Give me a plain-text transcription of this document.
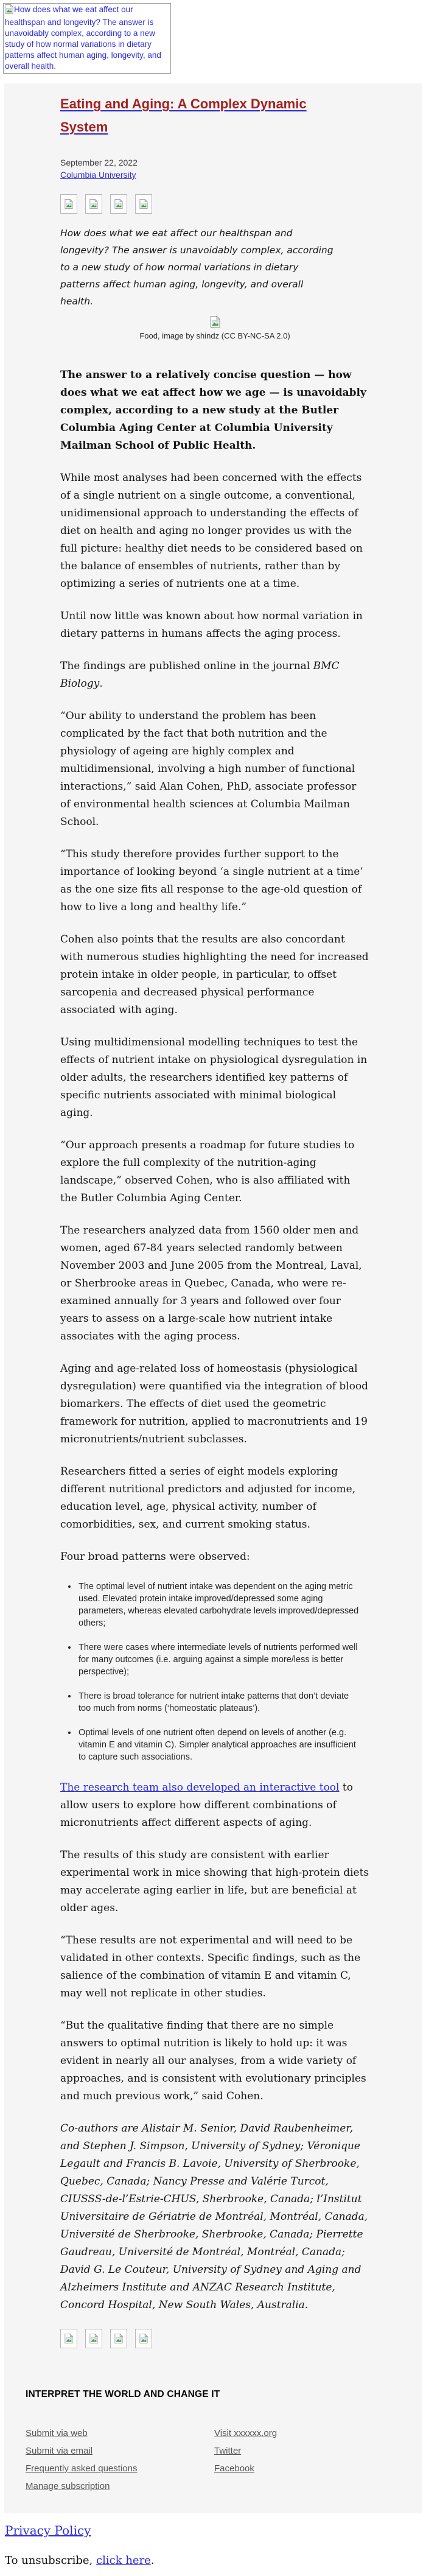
How does what we eat affect our healthspan and longevity? The answer is unavoidably complex, according to a new study of how normal variations in dietary patterns affect human aging, longevity, and overall health.
Eating and Aging: A Complex Dynamic System
September 22, 2022
Columbia University

How does what we eat affect our healthspan and longevity? The answer is unavoidably complex, according to a new study of how normal variations in dietary patterns affect human aging, longevity, and overall health.

Food, image by shindz (CC BY-NC-SA 2.0)

The answer to a relatively concise question — how does what we eat affect how we age — is unavoidably complex, according to a new study at the Butler Columbia Aging Center at Columbia University Mailman School of Public Health.

While most analyses had been concerned with the effects of a single nutrient on a single outcome, a conventional, unidimensional approach to understanding the effects of diet on health and aging no longer provides us with the full picture: healthy diet needs to be considered based on the balance of ensembles of nutrients, rather than by optimizing a series of nutrients one at a time.

Until now little was known about how normal variation in dietary patterns in humans affects the aging process.

The findings are published online in the journal BMC Biology.

“Our ability to understand the problem has been complicated by the fact that both nutrition and the physiology of ageing are highly complex and multidimensional, involving a high number of functional interactions,” said Alan Cohen, PhD, associate professor of environmental health sciences at Columbia Mailman School.

“This study therefore provides further support to the importance of looking beyond ‘a single nutrient at a time’ as the one size fits all response to the age-old question of how to live a long and healthy life.”

Cohen also points that the results are also concordant with numerous studies highlighting the need for increased protein intake in older people, in particular, to offset sarcopenia and decreased physical performance associated with aging.

Using multidimensional modelling techniques to test the effects of nutrient intake on physiological dysregulation in older adults, the researchers identified key patterns of specific nutrients associated with minimal biological aging.

“Our approach presents a roadmap for future studies to explore the full complexity of the nutrition-aging landscape,” observed Cohen, who is also affiliated with the Butler Columbia Aging Center.

The researchers analyzed data from 1560 older men and women, aged 67-84 years selected randomly between November 2003 and June 2005 from the Montreal, Laval, or Sherbrooke areas in Quebec, Canada, who were re-examined annually for 3 years and followed over four years to assess on a large-scale how nutrient intake associates with the aging process.

Aging and age-related loss of homeostasis (physiological dysregulation) were quantified via the integration of blood biomarkers. The effects of diet used the geometric framework for nutrition, applied to macronutrients and 19 micronutrients/nutrient subclasses.

Researchers fitted a series of eight models exploring different nutritional predictors and adjusted for income, education level, age, physical activity, number of comorbidities, sex, and current smoking status.

Four broad patterns were observed:

• The optimal level of nutrient intake was dependent on the aging metric used. Elevated protein intake improved/depressed some aging parameters, whereas elevated carbohydrate levels improved/depressed others;
• There were cases where intermediate levels of nutrients performed well for many outcomes (i.e. arguing against a simple more/less is better perspective);
• There is broad tolerance for nutrient intake patterns that don’t deviate too much from norms (‘homeostatic plateaus’).
• Optimal levels of one nutrient often depend on levels of another (e.g. vitamin E and vitamin C). Simpler analytical approaches are insufficient to capture such associations.

The research team also developed an interactive tool to allow users to explore how different combinations of micronutrients affect different aspects of aging.

The results of this study are consistent with earlier experimental work in mice showing that high-protein diets may accelerate aging earlier in life, but are beneficial at older ages.

“These results are not experimental and will need to be validated in other contexts. Specific findings, such as the salience of the combination of vitamin E and vitamin C, may well not replicate in other studies.

“But the qualitative finding that there are no simple answers to optimal nutrition is likely to hold up: it was evident in nearly all our analyses, from a wide variety of approaches, and is consistent with evolutionary principles and much previous work,” said Cohen.

Co-authors are Alistair M. Senior, David Raubenheimer, and Stephen J. Simpson, University of Sydney; Véronique Legault and Francis B. Lavoie, University of Sherbrooke, Quebec, Canada; Nancy Presse and Valérie Turcot, CIUSSS-de-l’Estrie-CHUS, Sherbrooke, Canada; l’Institut Universitaire de Gériatrie de Montréal, Montréal, Canada, Université de Sherbrooke, Sherbrooke, Canada; Pierrette Gaudreau, Université de Montréal, Montréal, Canada; David G. Le Couteur, University of Sydney and Aging and Alzheimers Institute and ANZAC Research Institute, Concord Hospital, New South Wales, Australia.

INTERPRET THE WORLD AND CHANGE IT
Submit via web
Submit via email
Frequently asked questions
Manage subscription
Visit xxxxxx.org
Twitter
Facebook
Privacy Policy

To unsubscribe, click here.
